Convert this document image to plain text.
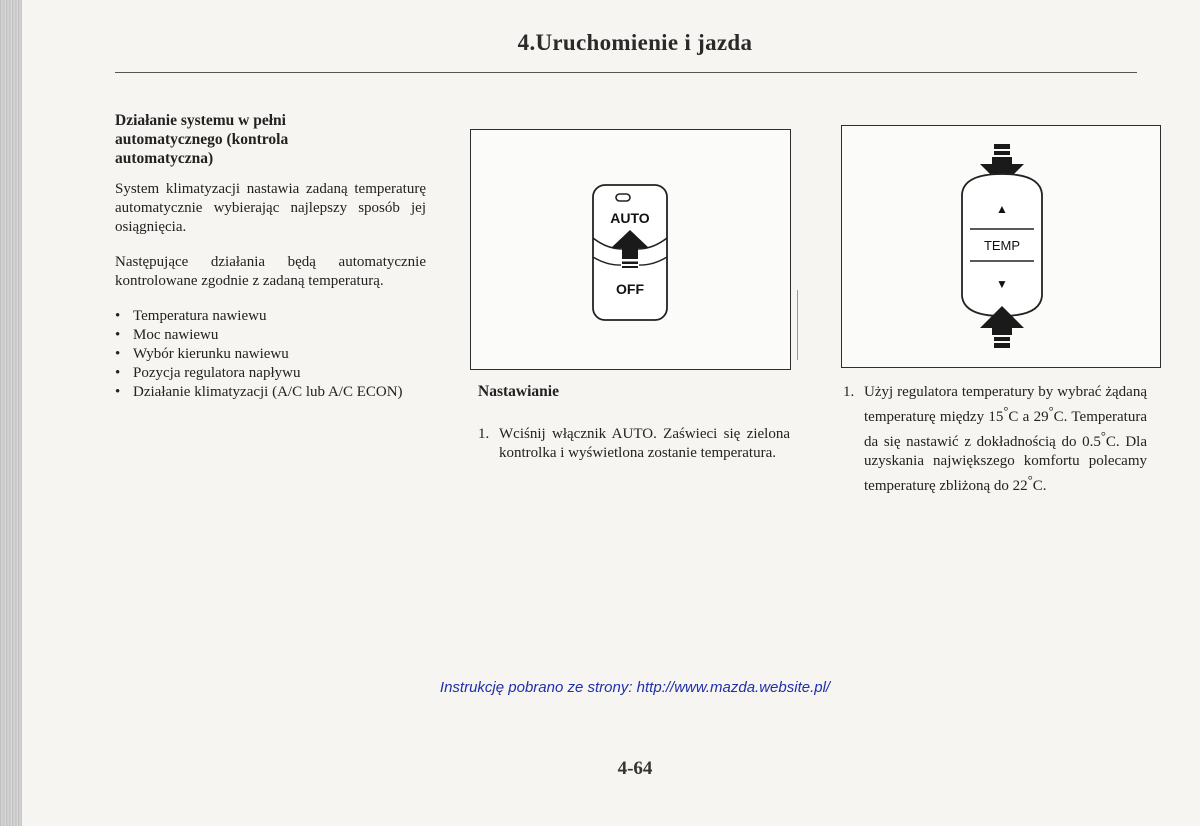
4.Uruchomienie i jazda

Działanie systemu w pełni
automatycznego (kontrola
automatyczna)

System klimatyzacji nastawia zadaną temperaturę automatycznie wybierając najlepszy sposób jej osiągnięcia.

Następujące działania będą automatycznie kontrolowane zgodnie z zadaną temperaturą.

• Temperatura nawiewu
• Moc nawiewu
• Wybór kierunku nawiewu
• Pozycja regulatora napływu
• Działanie klimatyzacji (A/C lub A/C ECON)
AUTO
OFF
▲
TEMP
▼

Nastawianie

1. Wciśnij włącznik AUTO. Zaświeci się zielona kontrolka i wyświetlona zostanie temperatura.
1. Użyj regulatora temperatury by wybrać żądaną temperaturę między 15°C a 29°C. Temperatura da się nastawić z dokładnością do 0.5°C. Dla uzyskania największego komfortu polecamy temperaturę zbliżoną do 22°C.
Instrukcję pobrano ze strony: http://www.mazda.website.pl/
4-64
